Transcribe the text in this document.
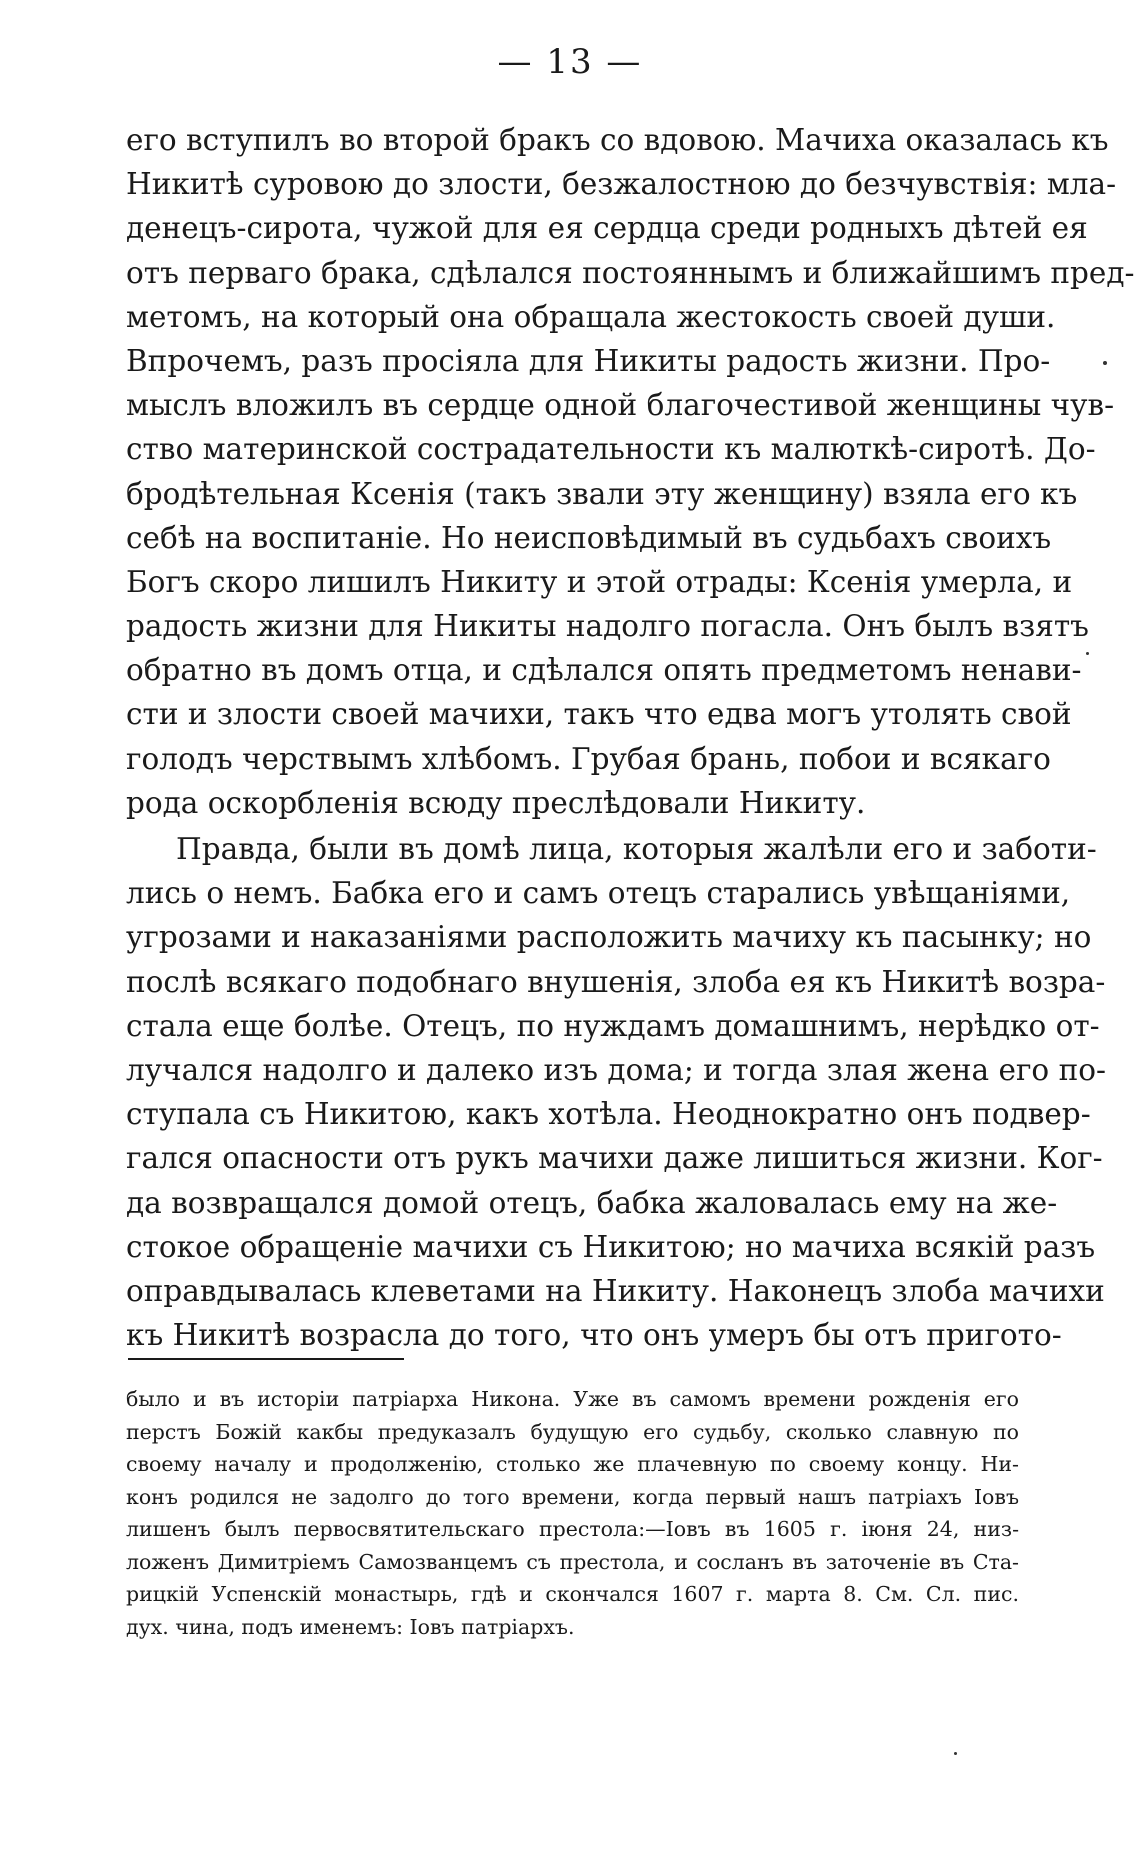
— 13 —
его вступилъ во второй бракъ со вдовою. Мачиха оказалась къ
Никитѣ суровою до злости, безжалостною до безчувствія: мла-
денецъ-сирота, чужой для ея сердца среди родныхъ дѣтей ея
отъ перваго брака, сдѣлался постояннымъ и ближайшимъ пред-
метомъ, на который она обращала жестокость своей души.
Впрочемъ, разъ просіяла для Никиты радость жизни. Про-
мыслъ вложилъ въ сердце одной благочестивой женщины чув-
ство материнской сострадательности къ малюткѣ-сиротѣ. До-
бродѣтельная Ксенія (такъ звали эту женщину) взяла его къ
себѣ на воспитаніе. Но неисповѣдимый въ судьбахъ своихъ
Богъ скоро лишилъ Никиту и этой отрады: Ксенія умерла, и
радость жизни для Никиты надолго погасла. Онъ былъ взятъ
обратно въ домъ отца, и сдѣлался опять предметомъ ненави-
сти и злости своей мачихи, такъ что едва могъ утолять свой
голодъ черствымъ хлѣбомъ. Грубая брань, побои и всякаго
рода оскорбленія всюду преслѣдовали Никиту.
Правда, были въ домѣ лица, которыя жалѣли его и заботи-
лись о немъ. Бабка его и самъ отецъ старались увѣщаніями,
угрозами и наказаніями расположить мачиху къ пасынку; но
послѣ всякаго подобнаго внушенія, злоба ея къ Никитѣ возра-
стала еще болѣе. Отецъ, по нуждамъ домашнимъ, нерѣдко от-
лучался надолго и далеко изъ дома; и тогда злая жена его по-
ступала съ Никитою, какъ хотѣла. Неоднократно онъ подвер-
гался опасности отъ рукъ мачихи даже лишиться жизни. Ког-
да возвращался домой отецъ, бабка жаловалась ему на же-
стокое обращеніе мачихи съ Никитою; но мачиха всякій разъ
оправдывалась клеветами на Никиту. Наконецъ злоба мачихи
къ Никитѣ возрасла до того, что онъ умеръ бы отъ пригото-
было и въ исторіи патріарха Никона. Уже въ самомъ времени рожденія его
перстъ Божій какбы предуказалъ будущую его судьбу, сколько славную по
своему началу и продолженію, столько же плачевную по своему концу. Ни-
конъ родился не задолго до того времени, когда первый нашъ патріахъ Іовъ
лишенъ былъ первосвятительскаго престола:—Іовъ въ 1605 г. іюня 24, низ-
ложенъ Димитріемъ Самозванцемъ съ престола, и сосланъ въ заточеніе въ Ста-
рицкій Успенскій монастырь, гдѣ и скончался 1607 г. марта 8. См. Сл. пис.
дух. чина, подъ именемъ: Іовъ патріархъ.
